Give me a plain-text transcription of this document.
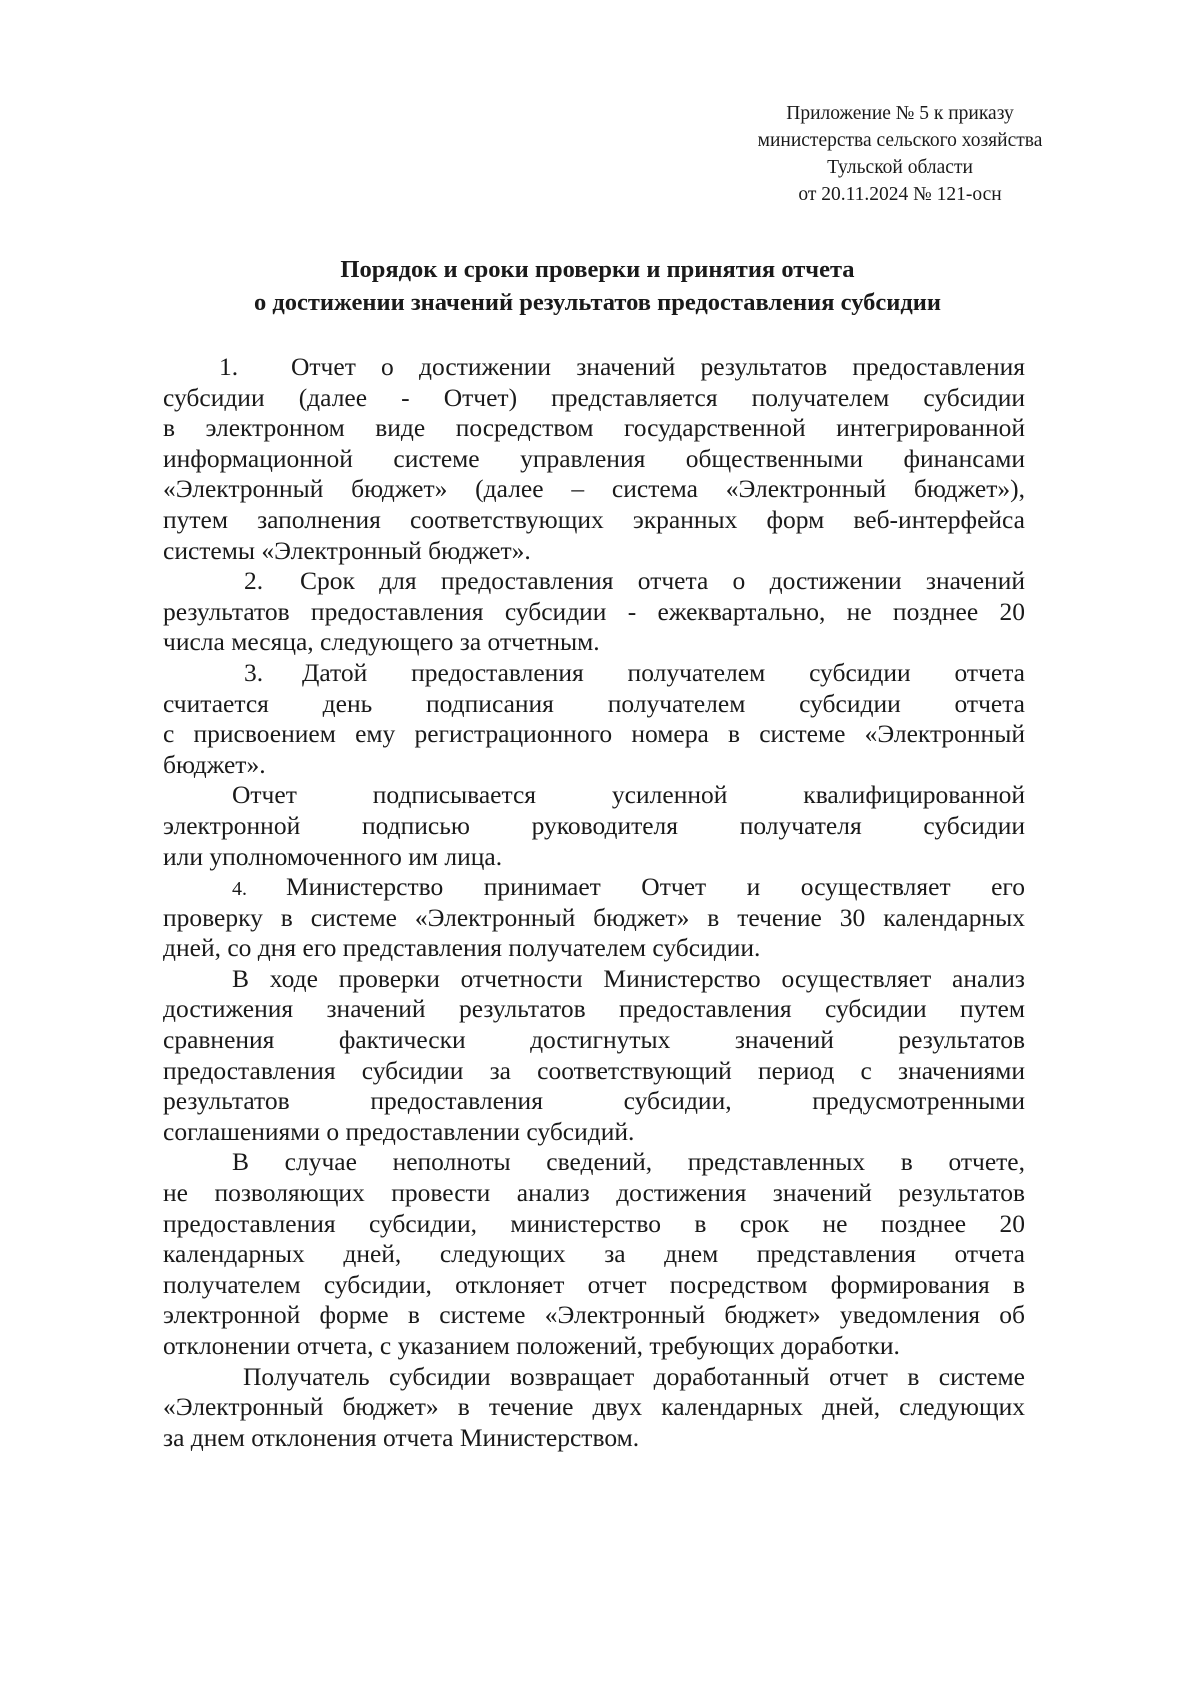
Приложение № 5 к приказу
министерства сельского хозяйства
Тульской области
от 20.11.2024 № 121-осн
Порядок и сроки проверки и принятия отчета
о достижении значений результатов предоставления субсидии
1. Отчет о достижении значений результатов предоставления
субсидии (далее - Отчет) представляется получателем субсидии
в электронном виде посредством государственной интегрированной
информационной системе управления общественными финансами
«Электронный бюджет» (далее – система «Электронный бюджет»),
путем заполнения соответствующих экранных форм веб-интерфейса
системы «Электронный бюджет».
2. Срок для предоставления отчета о достижении значений
результатов предоставления субсидии - ежеквартально, не позднее 20
числа месяца, следующего за отчетным.
3. Датой предоставления получателем субсидии отчета
считается день подписания получателем субсидии отчета
с присвоением ему регистрационного номера в системе «Электронный
бюджет».
Отчет подписывается усиленной квалифицированной
электронной подписью руководителя получателя субсидии
или уполномоченного им лица.
4. Министерство принимает Отчет и осуществляет его
проверку в системе «Электронный бюджет» в течение 30 календарных
дней, со дня его представления получателем субсидии.
В ходе проверки отчетности Министерство осуществляет анализ
достижения значений результатов предоставления субсидии путем
сравнения фактически достигнутых значений результатов
предоставления субсидии за соответствующий период с значениями
результатов предоставления субсидии, предусмотренными
соглашениями о предоставлении субсидий.
В случае неполноты сведений, представленных в отчете,
не позволяющих провести анализ достижения значений результатов
предоставления субсидии, министерство в срок не позднее 20
календарных дней, следующих за днем представления отчета
получателем субсидии, отклоняет отчет посредством формирования в
электронной форме в системе «Электронный бюджет» уведомления об
отклонении отчета, с указанием положений, требующих доработки.
Получатель субсидии возвращает доработанный отчет в системе
«Электронный бюджет» в течение двух календарных дней, следующих
за днем отклонения отчета Министерством.
